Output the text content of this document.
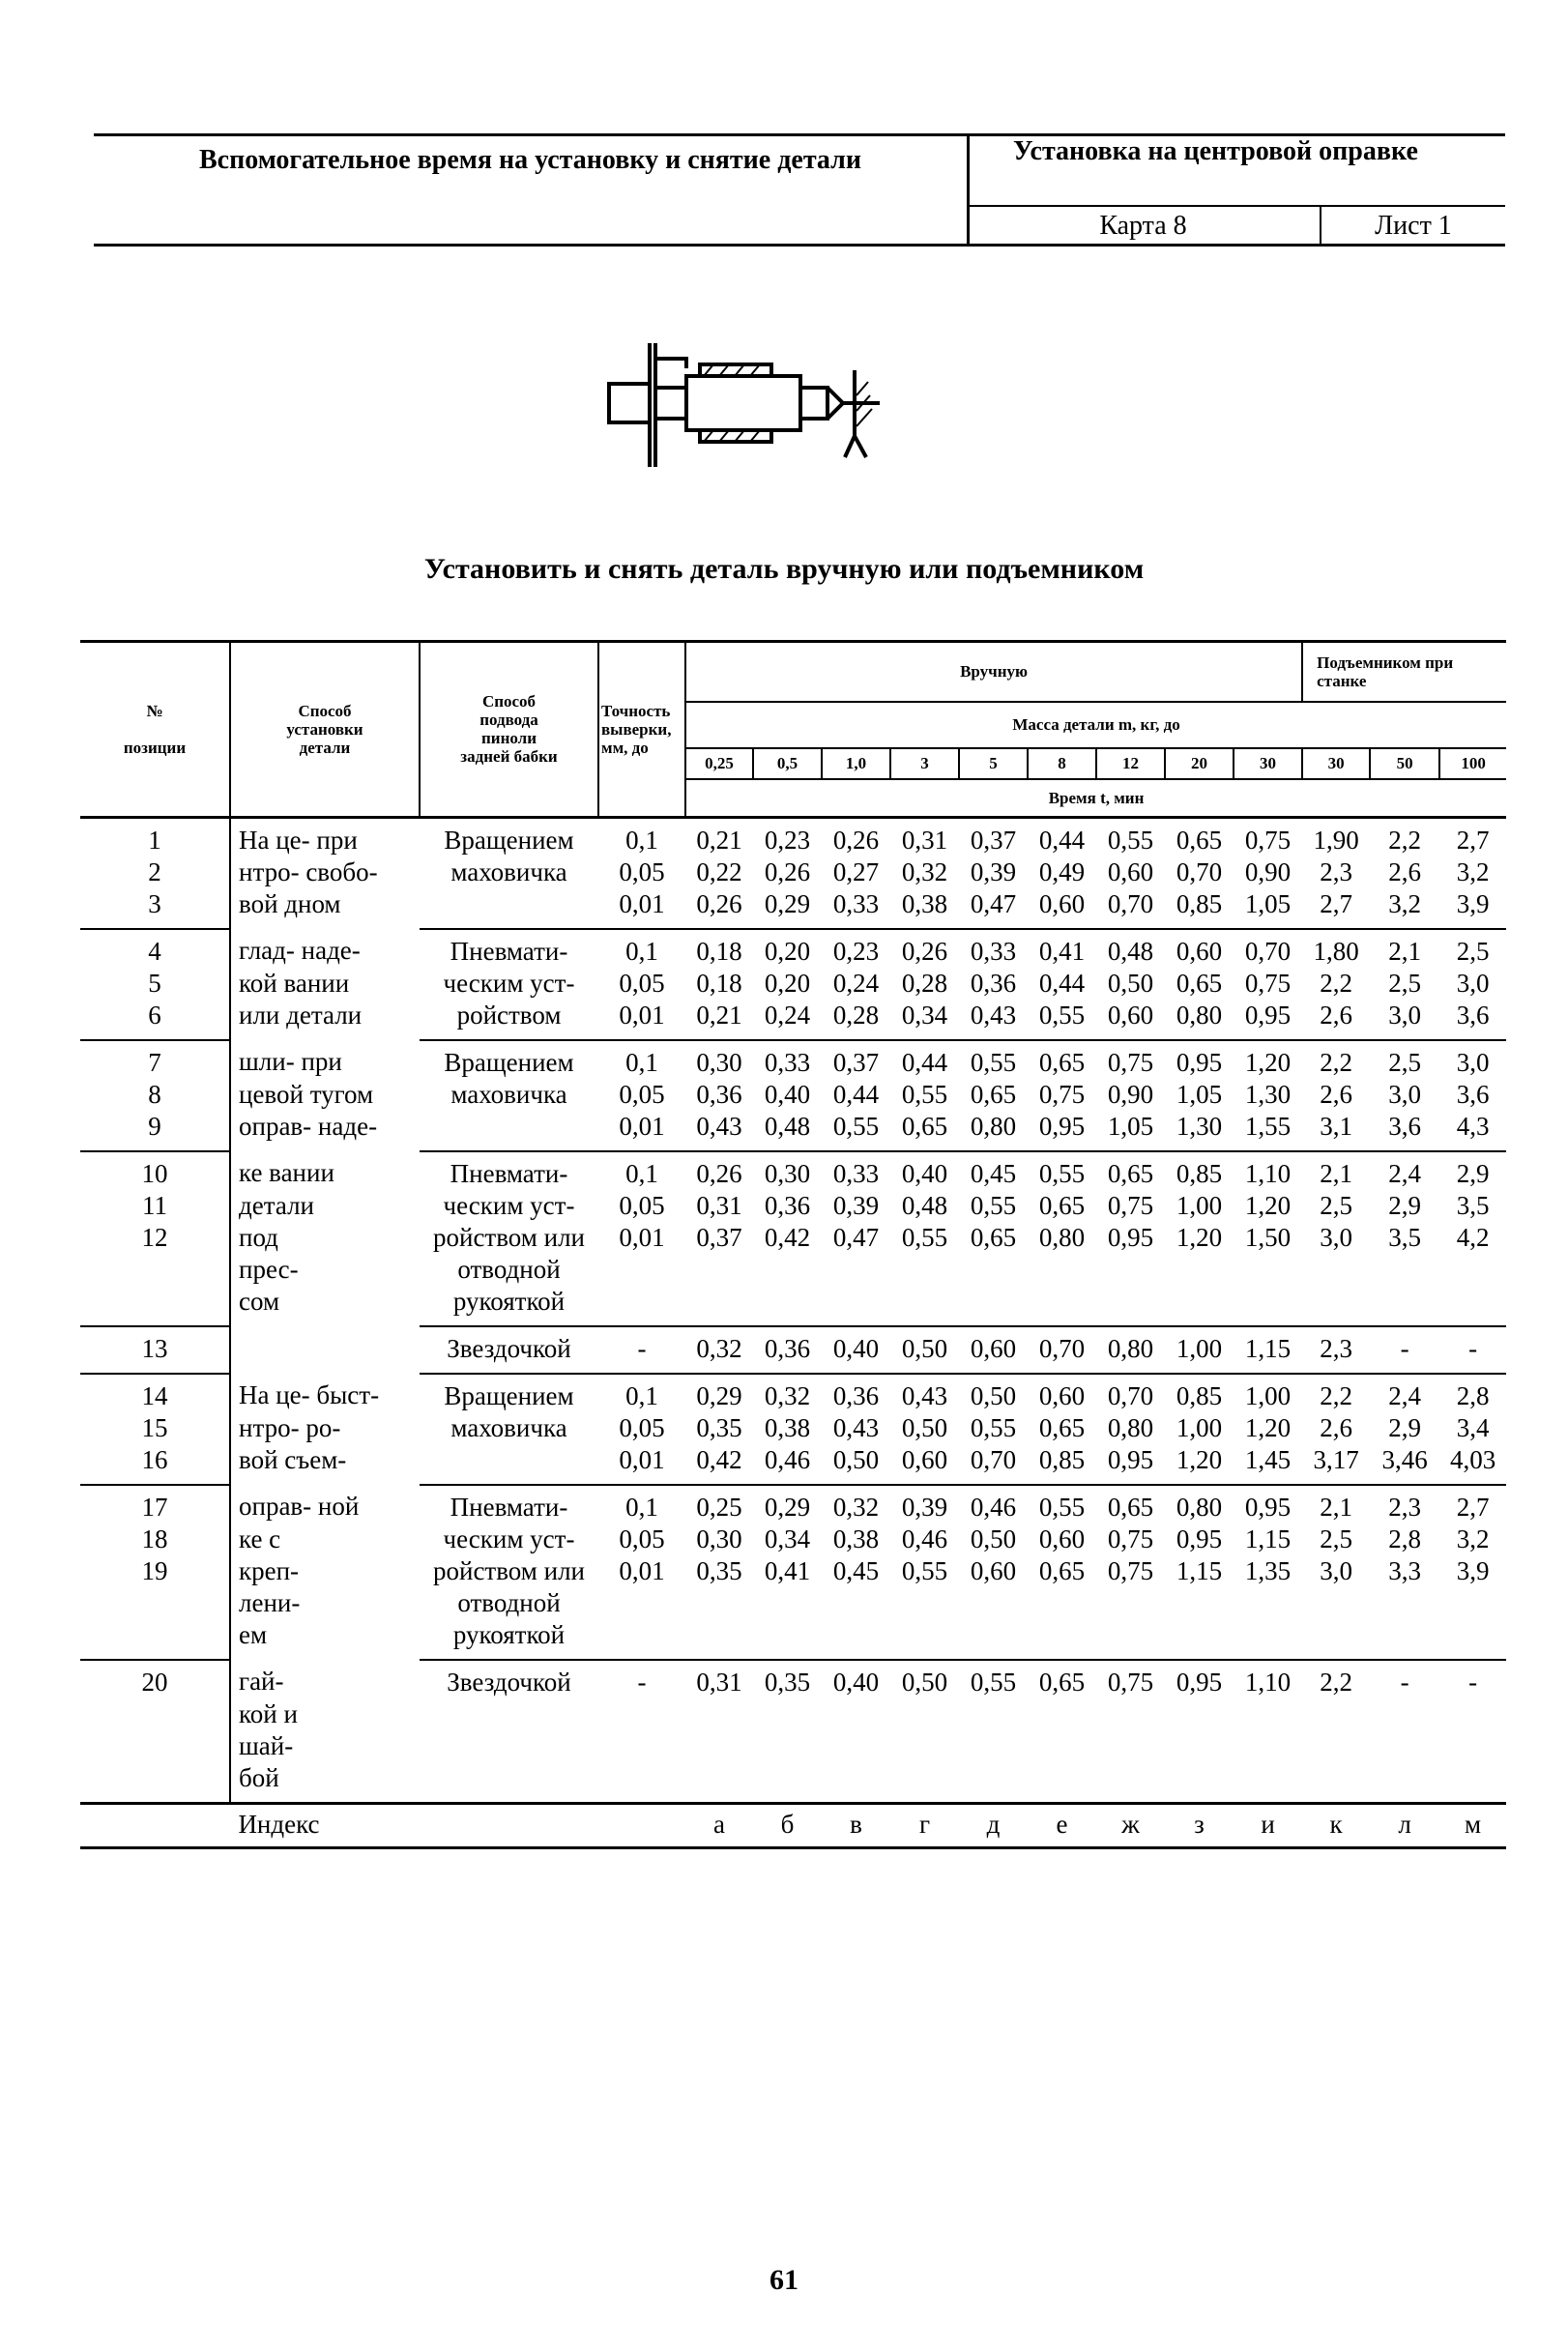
Вспомогательное время на установку и снятие детали	Установка на центровой оправке
Карта 8	Лист 1
Установить и снять деталь вручную или подъемником
№

позиции	Способ установки детали	Способ подвода пиноли задней бабки	Точность выверки, мм, до	Вручную									Подъемником при станке		
				Масса детали m, кг, до											
				0,25	0,5	1,0	3	5	8	12	20	30	30	50	100
				Время t, мин											

1	На це- при	Вращением	0,1	0,21	0,23	0,26	0,31	0,37	0,44	0,55	0,65	0,75	1,90	2,2	2,7
2	нтро- свобо-	маховичка	0,05	0,22	0,26	0,27	0,32	0,39	0,49	0,60	0,70	0,90	2,3	2,6	3,2
3	вой дном		0,01	0,26	0,29	0,33	0,38	0,47	0,60	0,70	0,85	1,05	2,7	3,2	3,9
4	глад- наде-	Пневмати-	0,1	0,18	0,20	0,23	0,26	0,33	0,41	0,48	0,60	0,70	1,80	2,1	2,5
5	кой вании	ческим уст-	0,05	0,18	0,20	0,24	0,28	0,36	0,44	0,50	0,65	0,75	2,2	2,5	3,0
6	или детали	ройством	0,01	0,21	0,24	0,28	0,34	0,43	0,55	0,60	0,80	0,95	2,6	3,0	3,6
7	шли- при	Вращением	0,1	0,30	0,33	0,37	0,44	0,55	0,65	0,75	0,95	1,20	2,2	2,5	3,0
8	цевой тугом	маховичка	0,05	0,36	0,40	0,44	0,55	0,65	0,75	0,90	1,05	1,30	2,6	3,0	3,6
9	оправ- наде-		0,01	0,43	0,48	0,55	0,65	0,80	0,95	1,05	1,30	1,55	3,1	3,6	4,3
10	ке вании	Пневмати-	0,1	0,26	0,30	0,33	0,40	0,45	0,55	0,65	0,85	1,10	2,1	2,4	2,9
11	детали	ческим уст-	0,05	0,31	0,36	0,39	0,48	0,55	0,65	0,75	1,00	1,20	2,5	2,9	3,5
12	под	ройством или	0,01	0,37	0,42	0,47	0,55	0,65	0,80	0,95	1,20	1,50	3,0	3,5	4,2

	прес-	отводной													

	сом	рукояткой													
13		Звездочкой	-	0,32	0,36	0,40	0,50	0,60	0,70	0,80	1,00	1,15	2,3	-	-
14	На це- быст-	Вращением	0,1	0,29	0,32	0,36	0,43	0,50	0,60	0,70	0,85	1,00	2,2	2,4	2,8
15	нтро- ро-	маховичка	0,05	0,35	0,38	0,43	0,50	0,55	0,65	0,80	1,00	1,20	2,6	2,9	3,4
16	вой съем-		0,01	0,42	0,46	0,50	0,60	0,70	0,85	0,95	1,20	1,45	3,17	3,46	4,03
17	оправ- ной	Пневмати-	0,1	0,25	0,29	0,32	0,39	0,46	0,55	0,65	0,80	0,95	2,1	2,3	2,7
18	ке с	ческим уст-	0,05	0,30	0,34	0,38	0,46	0,50	0,60	0,75	0,95	1,15	2,5	2,8	3,2
19	креп-	ройством или	0,01	0,35	0,41	0,45	0,55	0,60	0,65	0,75	1,15	1,35	3,0	3,3	3,9

	лени-	отводной													

	ем	рукояткой													
20	гай-	Звездочкой	-	0,31	0,35	0,40	0,50	0,55	0,65	0,75	0,95	1,10	2,2	-	-

	кой и														

	шай-														

	бой														

Индекс				а	б	в	г	д	е	ж	з	и	к	л	м
61
